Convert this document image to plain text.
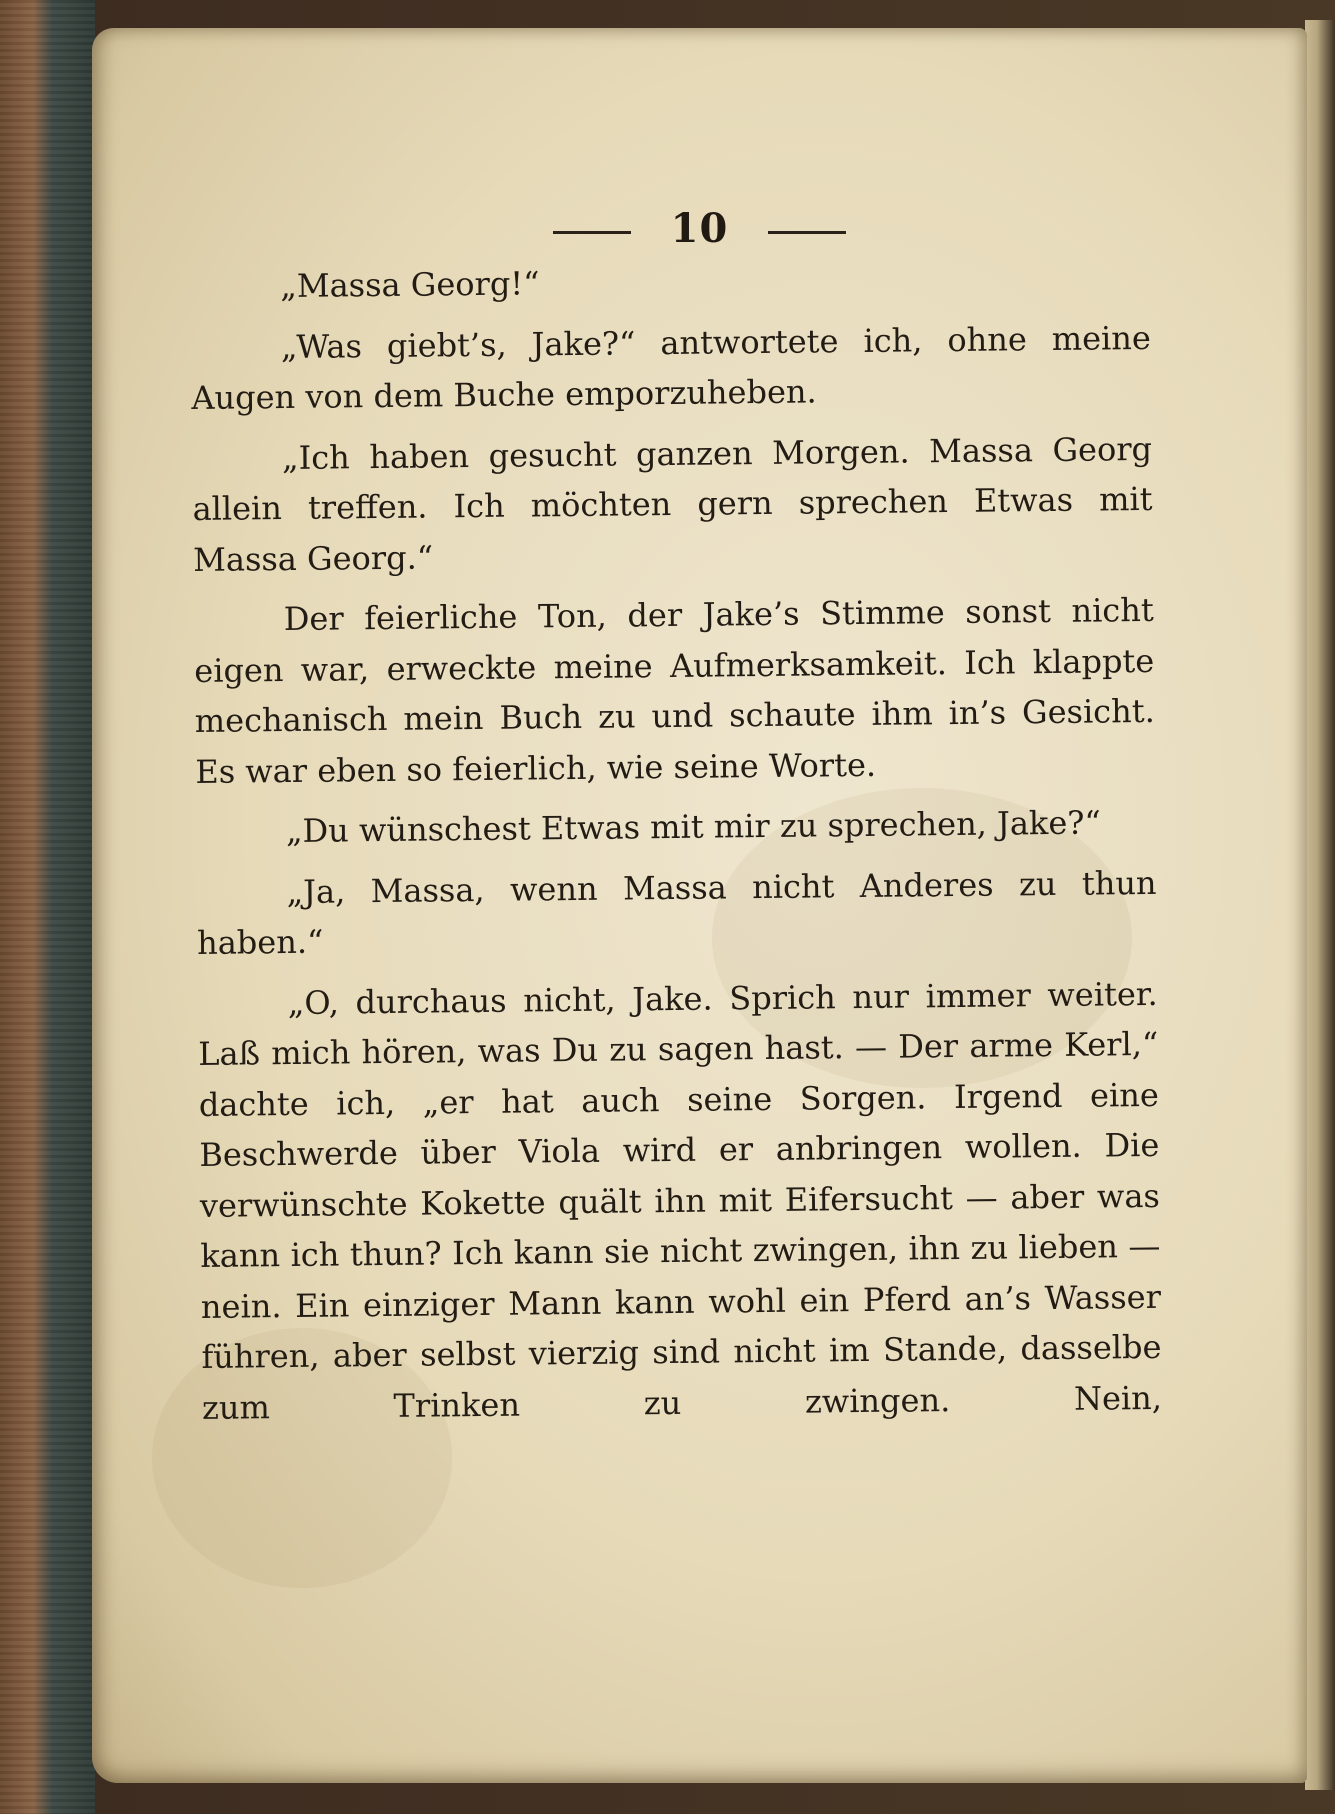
10

„Massa Georg!“

„Was giebt’s, Jake?“ antwortete ich, ohne meine Augen von dem Buche emporzuheben.

„Ich haben gesucht ganzen Morgen. Massa Georg allein treffen. Ich möchten gern sprechen Etwas mit Massa Georg.“

Der feierliche Ton, der Jake’s Stimme sonst nicht eigen war, erweckte meine Aufmerksamkeit. Ich klappte mechanisch mein Buch zu und schaute ihm in’s Gesicht. Es war eben so feierlich, wie seine Worte.

„Du wünschest Etwas mit mir zu sprechen, Jake?“

„Ja, Massa, wenn Massa nicht Anderes zu thun haben.“

„O, durchaus nicht, Jake. Sprich nur immer weiter. Laß mich hören, was Du zu sagen hast. — Der arme Kerl,“ dachte ich, „er hat auch seine Sorgen. Irgend eine Beschwerde über Viola wird er anbringen wollen. Die verwünschte Kokette quält ihn mit Eifersucht — aber was kann ich thun? Ich kann sie nicht zwingen, ihn zu lieben — nein. Ein einziger Mann kann wohl ein Pferd an’s Wasser führen, aber selbst vierzig sind nicht im Stande, dasselbe zum Trinken zu zwingen. Nein,
